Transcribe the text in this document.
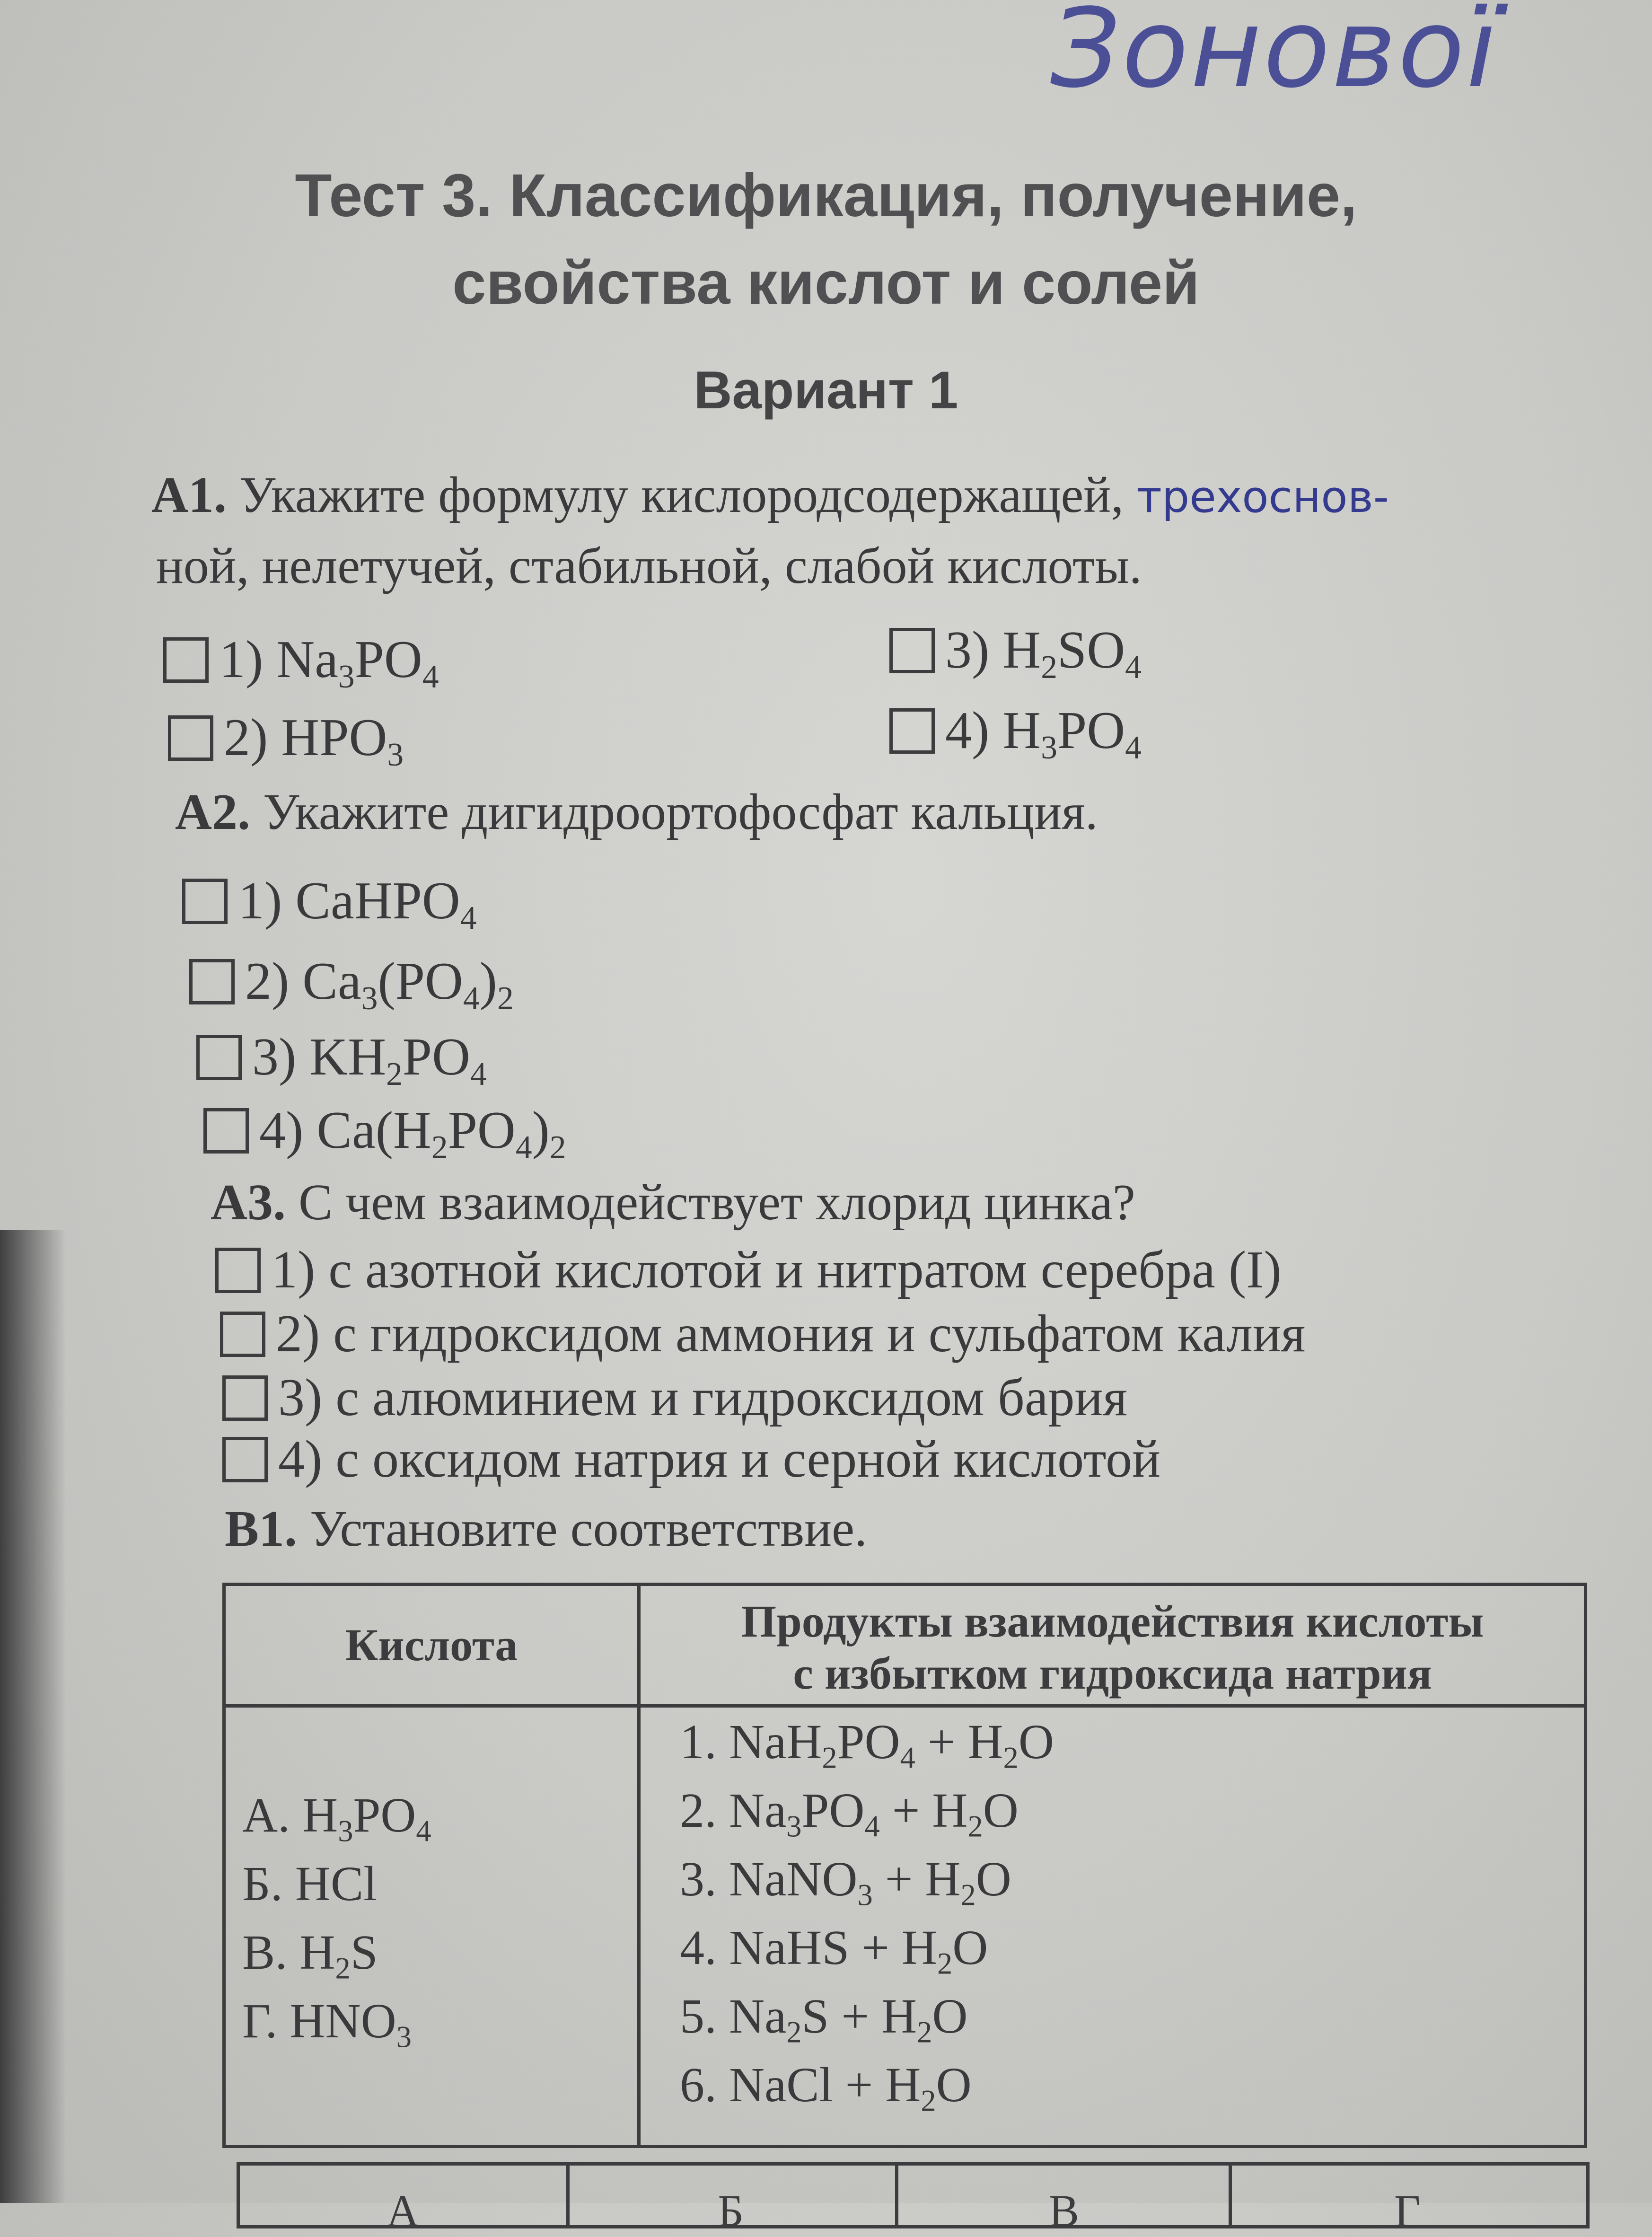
Зонової
Тест 3. Классификация, получение,
свойства кислот и солей
Вариант 1
А1. Укажите формулу кислородсодержащей, трехоснов-
ной, нелетучей, стабильной, слабой кислоты.
1) $Na_3PO_4$
2) $HPO_3$
3) $H_2SO_4$
4) $H_3PO_4$
А2. Укажите дигидроортофосфат кальция.
1) CaHPO$_4$
2) $Ca_3(PO_4)_2$
3) $KH_2PO_4$
4) $Ca(H_2PO_4)_2$
А3. С чем взаимодействует хлорид цинка?
1) с азотной кислотой и нитратом серебра (I)
2) с гидроксидом аммония и сульфатом калия
3) с алюминием и гидроксидом бария
4) с оксидом натрия и серной кислотой
В1. Установите соответствие.
Кислота	Продукты взаимодействия кислоты
с избытком гидроксида натрия
А. $H_3PO_4$
Б. HCl
В. $H_2S$
Г. $HNO_3$
1. $NaH_2PO_4 + H_2O$
2. $Na_3PO_4 + H_2O$
3. NaNO$_3$ + $H_2O$
4. NaHS + $H_2O$
5. $Na_2S + H_2O$
6. NaCl + $H_2O$
А	Б	В	Г
